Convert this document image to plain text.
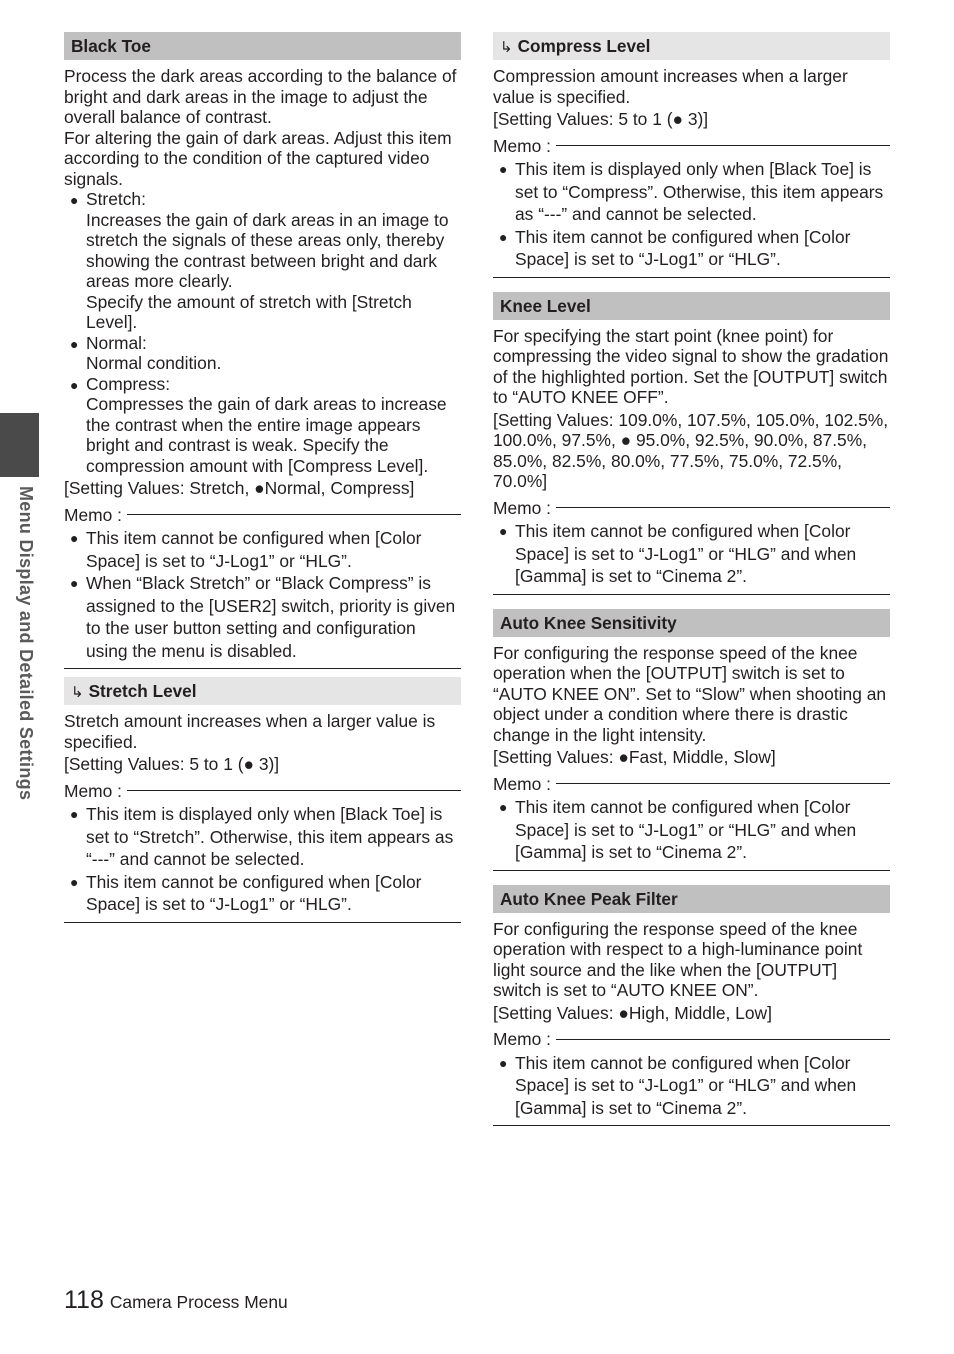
Menu Display and Detailed Settings
Black Toe

Process the dark areas according to the balance of bright and dark areas in the image to adjust the overall balance of contrast.

For altering the gain of dark areas. Adjust this item according to the condition of the captured video signals.

● Stretch:
Increases the gain of dark areas in an image to stretch the signals of these areas only, thereby showing the contrast between bright and dark areas more clearly.
Specify the amount of stretch with [Stretch Level].
● Normal:
Normal condition.
● Compress:
Compresses the gain of dark areas to increase the contrast when the entire image appears bright and contrast is weak. Specify the compression amount with [Compress Level].

[Setting Values: Stretch, ●Normal, Compress]

Memo :
● This item cannot be configured when [Color Space] is set to “J-Log1” or “HLG”.
● When “Black Stretch” or “Black Compress” is assigned to the [USER2] switch, priority is given to the user button setting and configuration using the menu is disabled.
↳ Stretch Level

Stretch amount increases when a larger value is specified.

[Setting Values: 5 to 1 (● 3)]

Memo :
● This item is displayed only when [Black Toe] is set to “Stretch”. Otherwise, this item appears as “---” and cannot be selected.
● This item cannot be configured when [Color Space] is set to “J-Log1” or “HLG”.
↳ Compress Level

Compression amount increases when a larger value is specified.

[Setting Values: 5 to 1 (● 3)]

Memo :
● This item is displayed only when [Black Toe] is set to “Compress”. Otherwise, this item appears as “---” and cannot be selected.
● This item cannot be configured when [Color Space] is set to “J-Log1” or “HLG”.
Knee Level

For specifying the start point (knee point) for compressing the video signal to show the gradation of the highlighted portion. Set the [OUTPUT] switch to “AUTO KNEE OFF”.

[Setting Values: 109.0%, 107.5%, 105.0%, 102.5%, 100.0%, 97.5%, ● 95.0%, 92.5%, 90.0%, 87.5%, 85.0%, 82.5%, 80.0%, 77.5%, 75.0%, 72.5%, 70.0%]

Memo :
● This item cannot be configured when [Color Space] is set to “J-Log1” or “HLG” and when [Gamma] is set to “Cinema 2”.
Auto Knee Sensitivity

For configuring the response speed of the knee operation when the [OUTPUT] switch is set to “AUTO KNEE ON”. Set to “Slow” when shooting an object under a condition where there is drastic change in the light intensity.

[Setting Values: ●Fast, Middle, Slow]

Memo :
● This item cannot be configured when [Color Space] is set to “J-Log1” or “HLG” and when [Gamma] is set to “Cinema 2”.
Auto Knee Peak Filter

For configuring the response speed of the knee operation with respect to a high-luminance point light source and the like when the [OUTPUT] switch is set to “AUTO KNEE ON”.

[Setting Values: ●High, Middle, Low]

Memo :
● This item cannot be configured when [Color Space] is set to “J-Log1” or “HLG” and when [Gamma] is set to “Cinema 2”.
118 Camera Process Menu
